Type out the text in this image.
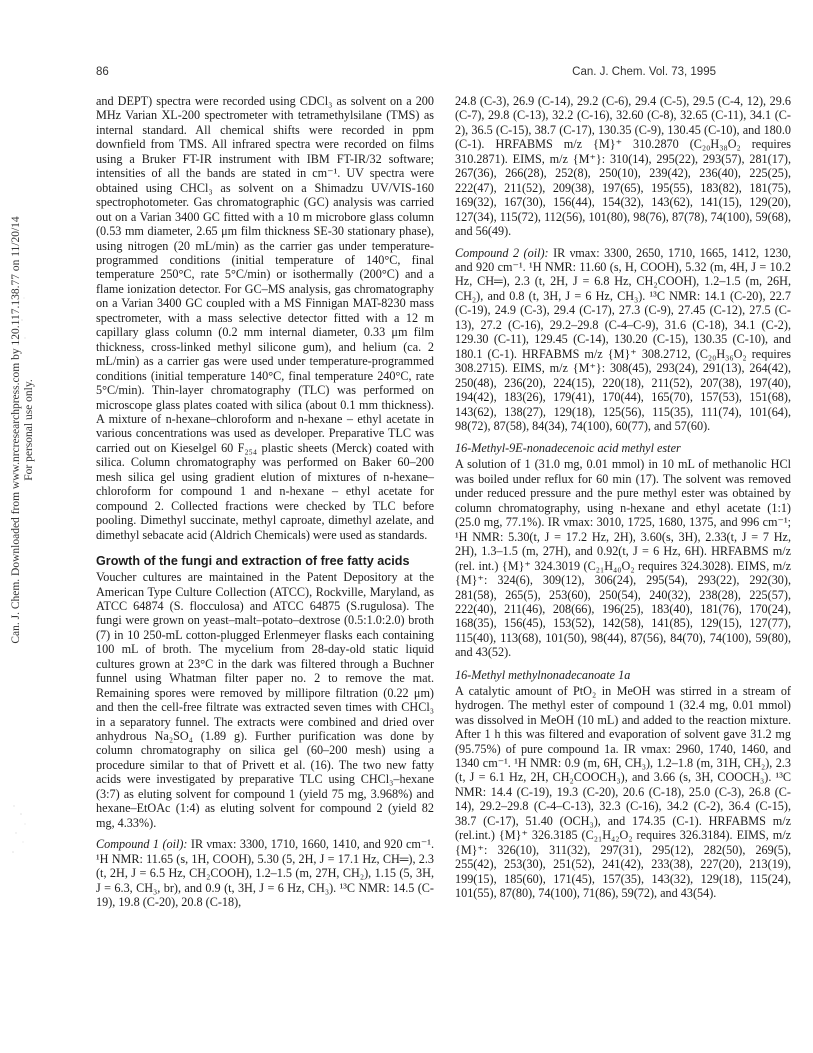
86	Can. J. Chem. Vol. 73, 1995
Can. J. Chem. Downloaded from www.nrcresearchpress.com by 120.117.138.77 on 11/20/14 For personal use only.

and DEPT) spectra were recorded using CDCl₃ as solvent on a 200 MHz Varian XL-200 spectrometer with tetramethylsilane (TMS) as internal standard. All chemical shifts were recorded in ppm downfield from TMS. All infrared spectra were recorded on films using a Bruker FT-IR instrument with IBM FT-IR/32 software; intensities of all the bands are stated in cm⁻¹. UV spectra were obtained using CHCl₃ as solvent on a Shimadzu UV/VIS-160 spectrophotometer. Gas chromatographic (GC) analysis was carried out on a Varian 3400 GC fitted with a 10 m microbore glass column (0.53 mm diameter, 2.65 μm film thickness SE-30 stationary phase), using nitrogen (20 mL/min) as the carrier gas under temperature-programmed conditions (initial temperature of 140°C, final temperature 250°C, rate 5°C/min) or isothermally (200°C) and a flame ionization detector. For GC–MS analysis, gas chromatography on a Varian 3400 GC coupled with a MS Finnigan MAT-8230 mass spectrometer, with a mass selective detector fitted with a 12 m capillary glass column (0.2 mm internal diameter, 0.33 μm film thickness, cross-linked methyl silicone gum), and helium (ca. 2 mL/min) as a carrier gas were used under temperature-programmed conditions (initial temperature 140°C, final temperature 240°C, rate 5°C/min). Thin-layer chromatography (TLC) was performed on microscope glass plates coated with silica (about 0.1 mm thickness). A mixture of n-hexane–chloroform and n-hexane – ethyl acetate in various concentrations was used as developer. Preparative TLC was carried out on Kieselgel 60 F₂₅₄ plastic sheets (Merck) coated with silica. Column chromatography was performed on Baker 60–200 mesh silica gel using gradient elution of mixtures of n-hexane–chloroform for compound 1 and n-hexane – ethyl acetate for compound 2. Collected fractions were checked by TLC before pooling. Dimethyl succinate, methyl caproate, dimethyl azelate, and dimethyl sebacate acid (Aldrich Chemicals) were used as standards.

Growth of the fungi and extraction of free fatty acids

Voucher cultures are maintained in the Patent Depository at the American Type Culture Collection (ATCC), Rockville, Maryland, as ATCC 64874 (S. flocculosa) and ATCC 64875 (S.rugulosa). The fungi were grown on yeast–malt–potato–dextrose (0.5:1.0:2.0) broth (7) in 10 250-mL cotton-plugged Erlenmeyer flasks each containing 100 mL of broth. The mycelium from 28-day-old static liquid cultures grown at 23°C in the dark was filtered through a Buchner funnel using Whatman filter paper no. 2 to remove the mat. Remaining spores were removed by millipore filtration (0.22 μm) and then the cell-free filtrate was extracted seven times with CHCl₃ in a separatory funnel. The extracts were combined and dried over anhydrous Na₂SO₄ (1.89 g). Further purification was done by column chromatography on silica gel (60–200 mesh) using a procedure similar to that of Privett et al. (16). The two new fatty acids were investigated by preparative TLC using CHCl₃–hexane (3:7) as eluting solvent for compound 1 (yield 75 mg, 3.968%) and hexane–EtOAc (1:4) as eluting solvent for compound 2 (yield 82 mg, 4.33%).

Compound 1 (oil): IR νmax: 3300, 1710, 1660, 1410, and 920 cm⁻¹. ¹H NMR: 11.65 (s, 1H, COOH), 5.30 (5, 2H, J = 17.1 Hz, CH═), 2.3 (t, 2H, J = 6.5 Hz, CH₂COOH), 1.2–1.5 (m, 27H, CH₂), 1.15 (5, 3H, J = 6.3, CH₃, br), and 0.9 (t, 3H, J = 6 Hz, CH₃). ¹³C NMR: 14.5 (C-19), 19.8 (C-20), 20.8 (C-18),

24.8 (C-3), 26.9 (C-14), 29.2 (C-6), 29.4 (C-5), 29.5 (C-4, 12), 29.6 (C-7), 29.8 (C-13), 32.2 (C-16), 32.60 (C-8), 32.65 (C-11), 34.1 (C-2), 36.5 (C-15), 38.7 (C-17), 130.35 (C-9), 130.45 (C-10), and 180.0 (C-1). HRFABMS m/z {M}⁺ 310.2870 (C₂₀H₃₈O₂ requires 310.2871). EIMS, m/z {M⁺}: 310(14), 295(22), 293(57), 281(17), 267(36), 266(28), 252(8), 250(10), 239(42), 236(40), 225(25), 222(47), 211(52), 209(38), 197(65), 195(55), 183(82), 181(75), 169(32), 167(30), 156(44), 154(32), 143(62), 141(15), 129(20), 127(34), 115(72), 112(56), 101(80), 98(76), 87(78), 74(100), 59(68), and 56(49).

Compound 2 (oil): IR νmax: 3300, 2650, 1710, 1665, 1412, 1230, and 920 cm⁻¹. ¹H NMR: 11.60 (s, H, COOH), 5.32 (m, 4H, J = 10.2 Hz, CH═), 2.3 (t, 2H, J = 6.8 Hz, CH₂COOH), 1.2–1.5 (m, 26H, CH₂), and 0.8 (t, 3H, J = 6 Hz, CH₃). ¹³C NMR: 14.1 (C-20), 22.7 (C-19), 24.9 (C-3), 29.4 (C-17), 27.3 (C-9), 27.45 (C-12), 27.5 (C-13), 27.2 (C-16), 29.2–29.8 (C-4–C-9), 31.6 (C-18), 34.1 (C-2), 129.30 (C-11), 129.45 (C-14), 130.20 (C-15), 130.35 (C-10), and 180.1 (C-1). HRFABMS m/z {M}⁺ 308.2712, (C₂₀H₃₆O₂ requires 308.2715). EIMS, m/z {M⁺}: 308(45), 293(24), 291(13), 264(42), 250(48), 236(20), 224(15), 220(18), 211(52), 207(38), 197(40), 194(42), 183(26), 179(41), 170(44), 165(70), 157(53), 151(68), 143(62), 138(27), 129(18), 125(56), 115(35), 111(74), 101(64), 98(72), 87(58), 84(34), 74(100), 60(77), and 57(60).

16-Methyl-9E-nonadecenoic acid methyl ester

A solution of 1 (31.0 mg, 0.01 mmol) in 10 mL of methanolic HCl was boiled under reflux for 60 min (17). The solvent was removed under reduced pressure and the pure methyl ester was obtained by column chromatography, using n-hexane and ethyl acetate (1:1) (25.0 mg, 77.1%). IR νmax: 3010, 1725, 1680, 1375, and 996 cm⁻¹; ¹H NMR: 5.30(t, J = 17.2 Hz, 2H), 3.60(s, 3H), 2.33(t, J = 7 Hz, 2H), 1.3–1.5 (m, 27H), and 0.92(t, J = 6 Hz, 6H). HRFABMS m/z (rel. int.) {M}⁺ 324.3019 (C₂₁H₄₀O₂ requires 324.3028). EIMS, m/z {M}⁺: 324(6), 309(12), 306(24), 295(54), 293(22), 292(30), 281(58), 265(5), 253(60), 250(54), 240(32), 238(28), 225(57), 222(40), 211(46), 208(66), 196(25), 183(40), 181(76), 170(24), 168(35), 156(45), 153(52), 142(58), 141(85), 129(15), 127(77), 115(40), 113(68), 101(50), 98(44), 87(56), 84(70), 74(100), 59(80), and 43(52).

16-Methyl methylnonadecanoate 1a

A catalytic amount of PtO₂ in MeOH was stirred in a stream of hydrogen. The methyl ester of compound 1 (32.4 mg, 0.01 mmol) was dissolved in MeOH (10 mL) and added to the reaction mixture. After 1 h this was filtered and evaporation of solvent gave 31.2 mg (95.75%) of pure compound 1a. IR νmax: 2960, 1740, 1460, and 1340 cm⁻¹. ¹H NMR: 0.9 (m, 6H, CH₃), 1.2–1.8 (m, 31H, CH₂), 2.3 (t, J = 6.1 Hz, 2H, CH₂COOCH₃), and 3.66 (s, 3H, COOCH₃). ¹³C NMR: 14.4 (C-19), 19.3 (C-20), 20.6 (C-18), 25.0 (C-3), 26.8 (C-14), 29.2–29.8 (C-4–C-13), 32.3 (C-16), 34.2 (C-2), 36.4 (C-15), 38.7 (C-17), 51.40 (OCH₃), and 174.35 (C-1). HRFABMS m/z (rel.int.) {M}⁺ 326.3185 (C₂₁H₄₂O₂ requires 326.3184). EIMS, m/z {M}⁺: 326(10), 311(32), 297(31), 295(12), 282(50), 269(5), 255(42), 253(30), 251(52), 241(42), 233(38), 227(20), 213(19), 199(15), 185(60), 171(45), 157(35), 143(32), 129(18), 115(24), 101(55), 87(80), 74(100), 71(86), 59(72), and 43(54).
